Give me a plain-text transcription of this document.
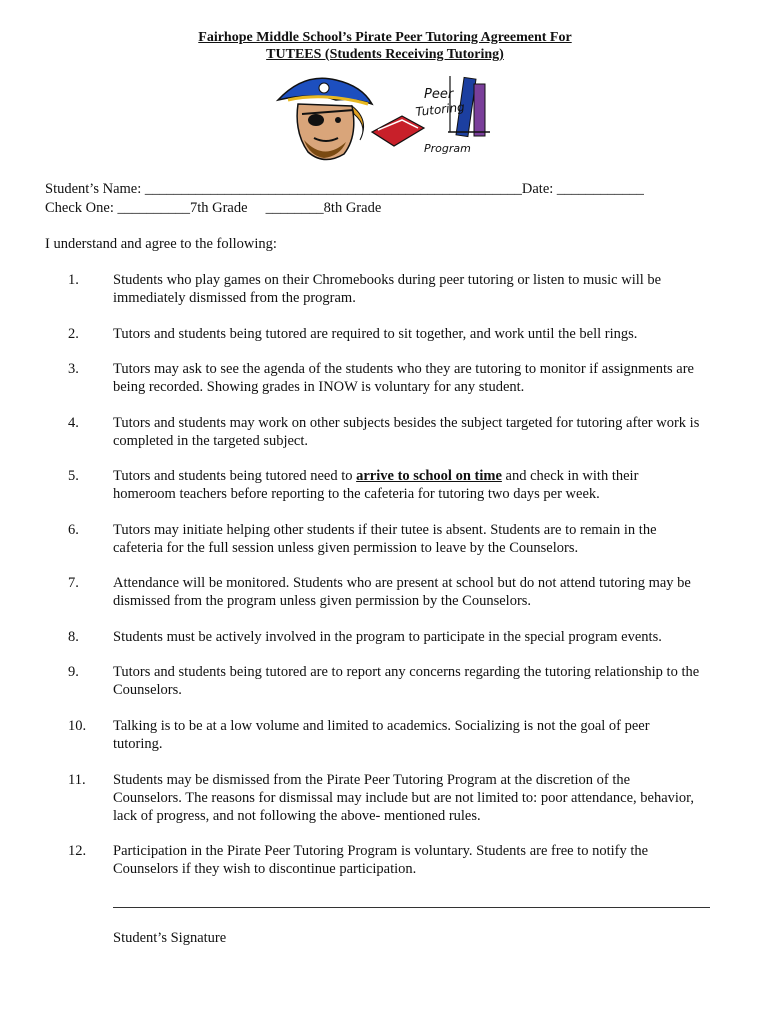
Fairhope Middle School’s Pirate Peer Tutoring Agreement For
TUTEES (Students Receiving Tutoring)
Peer
Tutoring
Program
Student’s Name: ____________________________________________________Date: ____________
Check One: __________7th Grade     ________8th Grade
I understand and agree to the following:
1. Students who play games on their Chromebooks during peer tutoring or listen to music will be
immediately dismissed from the program.
2. Tutors and students being tutored are required to sit together, and work until the bell rings.
3. Tutors may ask to see the agenda of the students who they are tutoring to monitor if assignments are
being recorded. Showing grades in INOW is voluntary for any student.
4. Tutors and students may work on other subjects besides the subject targeted for tutoring after work is
completed in the targeted subject.
5. Tutors and students being tutored need to arrive to school on time and check in with their
homeroom teachers before reporting to the cafeteria for tutoring two days per week.
6. Tutors may initiate helping other students if their tutee is absent. Students are to remain in the
cafeteria for the full session unless given permission to leave by the Counselors.
7. Attendance will be monitored. Students who are present at school but do not attend tutoring may be
dismissed from the program unless given permission by the Counselors.
8. Students must be actively involved in the program to participate in the special program events.
9. Tutors and students being tutored are to report any concerns regarding the tutoring relationship to the
Counselors.
10. Talking is to be at a low volume and limited to academics. Socializing is not the goal of peer
tutoring.
11. Students may be dismissed from the Pirate Peer Tutoring Program at the discretion of the
Counselors. The reasons for dismissal may include but are not limited to: poor attendance, behavior,
lack of progress, and not following the above- mentioned rules.
12. Participation in the Pirate Peer Tutoring Program is voluntary. Students are free to notify the
Counselors if they wish to discontinue participation.
Student’s Signature
